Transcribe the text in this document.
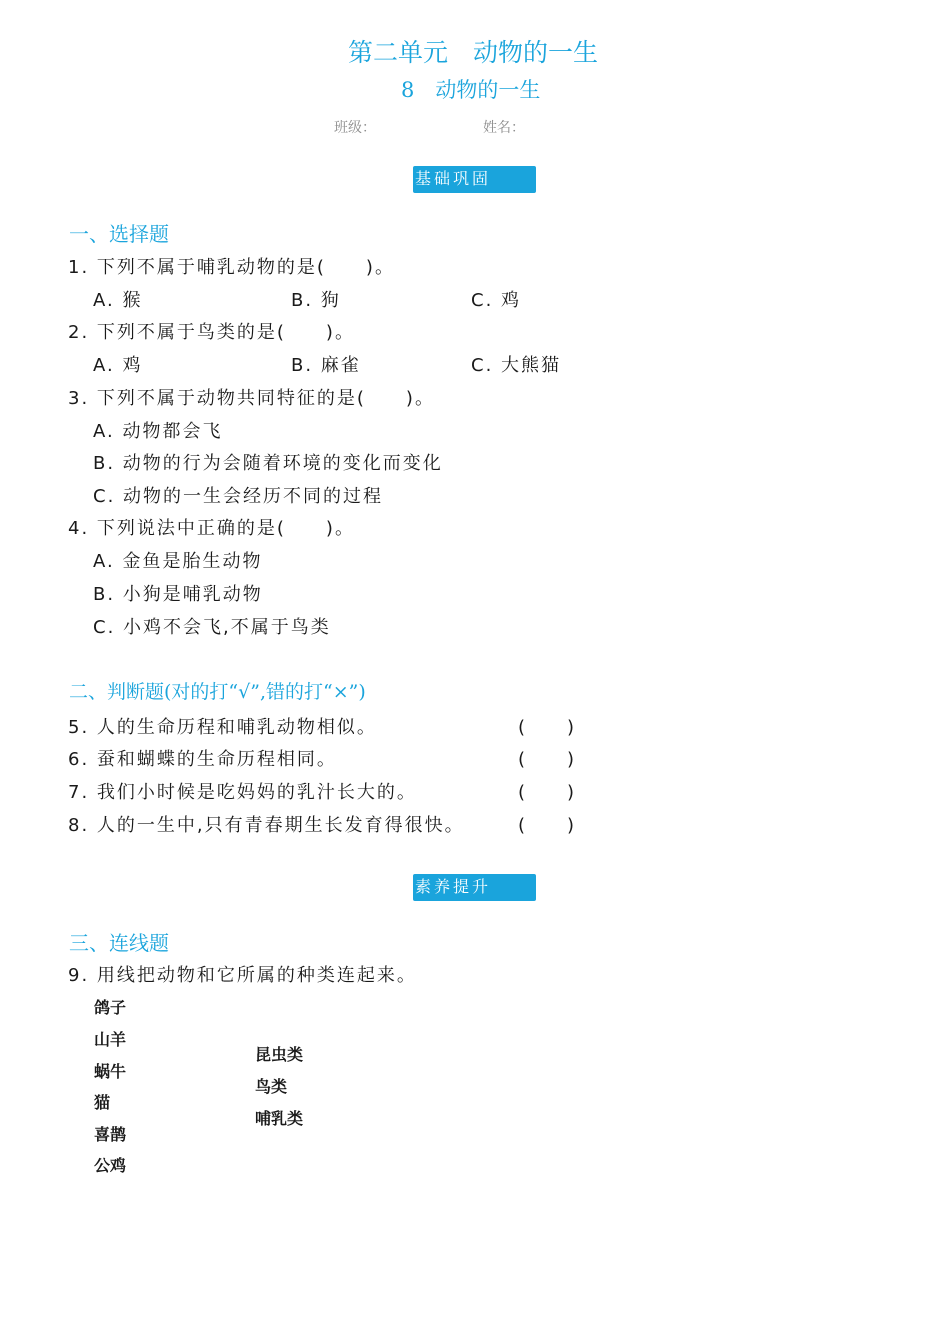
第二单元　动物的一生
8　动物的一生
班级：	姓名：
基础巩固
一、选择题
1. 下列不属于哺乳动物的是(　　)。
A. 猴	B. 狗	C. 鸡
2. 下列不属于鸟类的是(　　)。
A. 鸡	B. 麻雀	C. 大熊猫
3. 下列不属于动物共同特征的是(　　)。
A. 动物都会飞
B. 动物的行为会随着环境的变化而变化
C. 动物的一生会经历不同的过程
4. 下列说法中正确的是(　　)。
A. 金鱼是胎生动物
B. 小狗是哺乳动物
C. 小鸡不会飞,不属于鸟类
二、判断题(对的打“√”,错的打“×”)
5. 人的生命历程和哺乳动物相似。	(　　)
6. 蚕和蝴蝶的生命历程相同。	(　　)
7. 我们小时候是吃妈妈的乳汁长大的。	(　　)
8. 人的一生中,只有青春期生长发育得很快。	(　　)
素养提升
三、连线题
9. 用线把动物和它所属的种类连起来。
鸽子
山羊
蜗牛
猫
喜鹊
公鸡
昆虫类
鸟类
哺乳类
